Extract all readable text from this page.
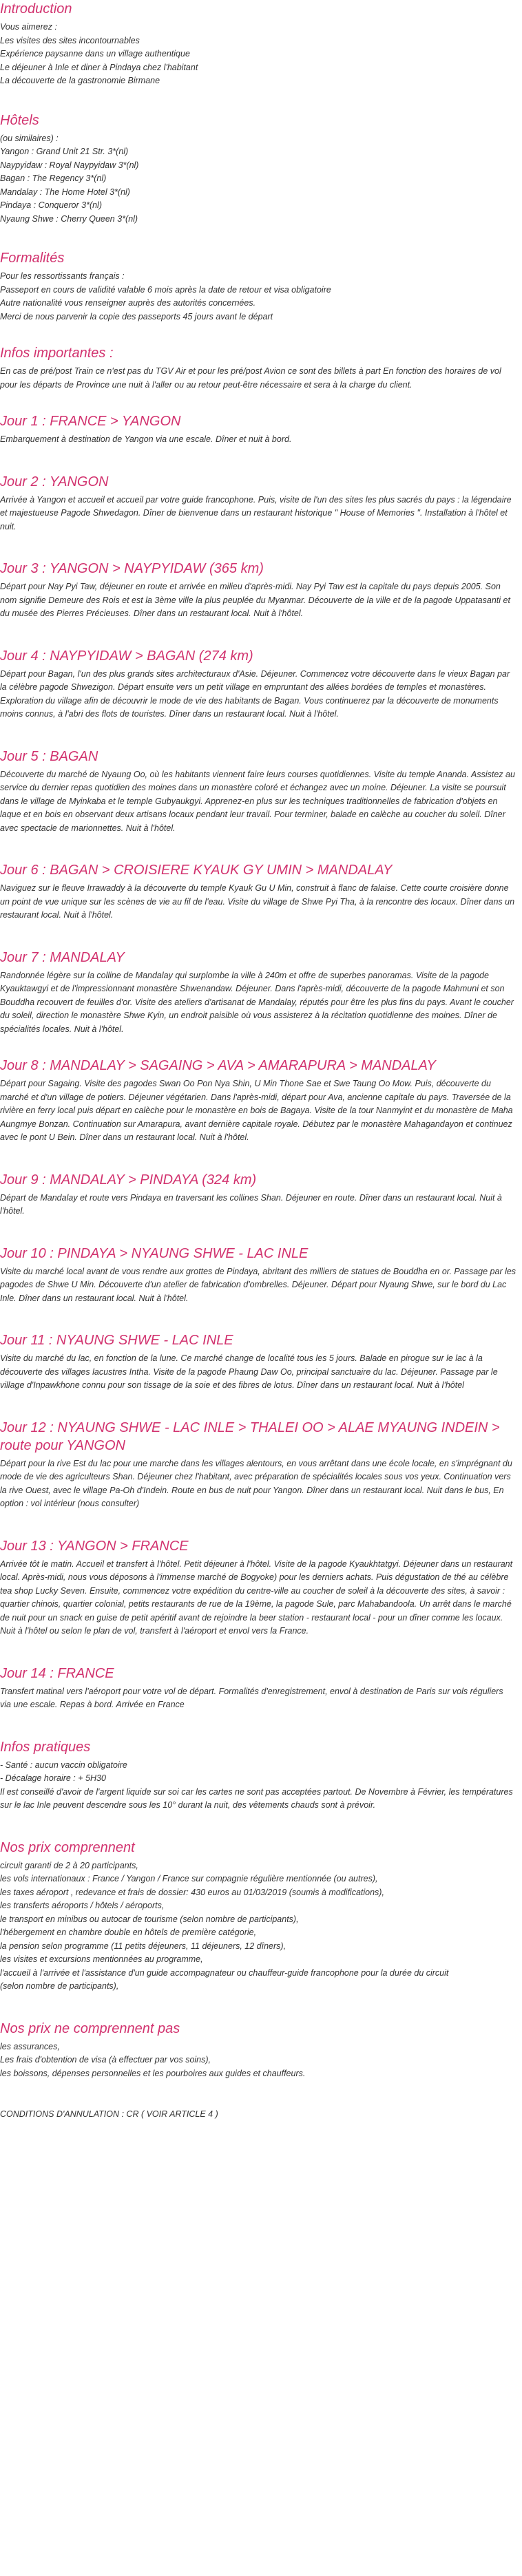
Introduction
Vous aimerez :
Les visites des sites incontournables
Expérience paysanne dans un village authentique
Le déjeuner à Inle et diner à Pindaya chez l'habitant
La découverte de la gastronomie Birmane
Hôtels
(ou similaires) :
Yangon : Grand Unit 21 Str. 3*(nl)
Naypyidaw : Royal Naypyidaw 3*(nl)
Bagan : The Regency 3*(nl)
Mandalay : The Home Hotel 3*(nl)
Pindaya : Conqueror 3*(nl)
Nyaung Shwe : Cherry Queen 3*(nl)
Formalités
Pour les ressortissants français :
Passeport en cours de validité valable 6 mois après la date de retour et visa obligatoire
Autre nationalité vous renseigner auprès des autorités concernées.
Merci de nous parvenir la copie des passeports 45 jours avant le départ
Infos importantes :
En cas de pré/post Train ce n'est pas du TGV Air et pour les pré/post Avion ce sont des billets à part En fonction des horaires de vol pour les départs de Province une nuit à l'aller ou au retour peut-être nécessaire et sera à la charge du client.
Jour 1 : FRANCE > YANGON
Embarquement à destination de Yangon via une escale. Dîner et nuit à bord.
Jour 2 : YANGON
Arrivée à Yangon et accueil et accueil par votre guide francophone. Puis, visite de l'un des sites les plus sacrés du pays : la légendaire et majestueuse Pagode Shwedagon. Dîner de bienvenue dans un restaurant historique " House of Memories ". Installation à l'hôtel et nuit.
Jour 3 : YANGON > NAYPYIDAW (365 km)
Départ pour Nay Pyi Taw, déjeuner en route et arrivée en milieu d'après-midi. Nay Pyi Taw est la capitale du pays depuis 2005. Son nom signifie Demeure des Rois et est la 3ème ville la plus peuplée du Myanmar. Découverte de la ville et de la pagode Uppatasanti et du musée des Pierres Précieuses. Dîner dans un restaurant local. Nuit à l'hôtel.
Jour 4 : NAYPYIDAW > BAGAN (274 km)
Départ pour Bagan, l'un des plus grands sites architecturaux d'Asie. Déjeuner. Commencez votre découverte dans le vieux Bagan par la célèbre pagode Shwezigon. Départ ensuite vers un petit village en empruntant des allées bordées de temples et monastères. Exploration du village afin de découvrir le mode de vie des habitants de Bagan. Vous continuerez par la découverte de monuments moins connus, à l'abri des flots de touristes. Dîner dans un restaurant local. Nuit à l'hôtel.
Jour 5 : BAGAN
Découverte du marché de Nyaung Oo, où les habitants viennent faire leurs courses quotidiennes. Visite du temple Ananda. Assistez au service du dernier repas quotidien des moines dans un monastère coloré et échangez avec un moine. Déjeuner. La visite se poursuit dans le village de Myinkaba et le temple Gubyaukgyi. Apprenez-en plus sur les techniques traditionnelles de fabrication d'objets en laque et en bois en observant deux artisans locaux pendant leur travail. Pour terminer, balade en calèche au coucher du soleil. Dîner avec spectacle de marionnettes. Nuit à l'hôtel.
Jour 6 : BAGAN > CROISIERE KYAUK GY UMIN > MANDALAY
Naviguez sur le fleuve Irrawaddy à la découverte du temple Kyauk Gu U Min, construit à flanc de falaise. Cette courte croisière donne un point de vue unique sur les scènes de vie au fil de l'eau. Visite du village de Shwe Pyi Tha, à la rencontre des locaux. Dîner dans un restaurant local. Nuit à l'hôtel.
Jour 7 : MANDALAY
Randonnée légère sur la colline de Mandalay qui surplombe la ville à 240m et offre de superbes panoramas. Visite de la pagode Kyauktawgyi et de l'impressionnant monastère Shwenandaw. Déjeuner. Dans l'après-midi, découverte de la pagode Mahmuni et son Bouddha recouvert de feuilles d'or. Visite des ateliers d'artisanat de Mandalay, réputés pour être les plus fins du pays. Avant le coucher du soleil, direction le monastère Shwe Kyin, un endroit paisible où vous assisterez à la récitation quotidienne des moines. Dîner de spécialités locales. Nuit à l'hôtel.
Jour 8 : MANDALAY > SAGAING > AVA > AMARAPURA > MANDALAY
Départ pour Sagaing. Visite des pagodes Swan Oo Pon Nya Shin, U Min Thone Sae et Swe Taung Oo Mow. Puis, découverte du marché et d'un village de potiers. Déjeuner végétarien. Dans l'après-midi, départ pour Ava, ancienne capitale du pays. Traversée de la rivière en ferry local puis départ en calèche pour le monastère en bois de Bagaya. Visite de la tour Nanmyint et du monastère de Maha Aungmye Bonzan. Continuation sur Amarapura, avant dernière capitale royale. Débutez par le monastère Mahagandayon et continuez avec le pont U Bein. Dîner dans un restaurant local. Nuit à l'hôtel.
Jour 9 : MANDALAY > PINDAYA (324 km)
Départ de Mandalay et route vers Pindaya en traversant les collines Shan. Déjeuner en route. Dîner dans un restaurant local. Nuit à l'hôtel.
Jour 10 : PINDAYA > NYAUNG SHWE - LAC INLE
Visite du marché local avant de vous rendre aux grottes de Pindaya, abritant des milliers de statues de Bouddha en or. Passage par les pagodes de Shwe U Min. Découverte d'un atelier de fabrication d'ombrelles. Déjeuner. Départ pour Nyaung Shwe, sur le bord du Lac Inle. Dîner dans un restaurant local. Nuit à l'hôtel.
Jour 11 : NYAUNG SHWE - LAC INLE
Visite du marché du lac, en fonction de la lune. Ce marché change de localité tous les 5 jours. Balade en pirogue sur le lac à la découverte des villages lacustres Intha. Visite de la pagode Phaung Daw Oo, principal sanctuaire du lac. Déjeuner. Passage par le village d'Inpawkhone connu pour son tissage de la soie et des fibres de lotus. Dîner dans un restaurant local. Nuit à l'hôtel
Jour 12 : NYAUNG SHWE - LAC INLE > THALEI OO > ALAE MYAUNG INDEIN > route pour YANGON
Départ pour la rive Est du lac pour une marche dans les villages alentours, en vous arrêtant dans une école locale, en s'imprégnant du mode de vie des agriculteurs Shan. Déjeuner chez l'habitant, avec préparation de spécialités locales sous vos yeux. Continuation vers la rive Ouest, avec le village Pa-Oh d'Indein. Route en bus de nuit pour Yangon. Dîner dans un restaurant local. Nuit dans le bus, En option : vol intérieur (nous consulter)
Jour 13 : YANGON > FRANCE
Arrivée tôt le matin. Accueil et transfert à l'hôtel. Petit déjeuner à l'hôtel. Visite de la pagode Kyaukhtatgyi. Déjeuner dans un restaurant local. Après-midi, nous vous déposons à l'immense marché de Bogyoke) pour les derniers achats. Puis dégustation de thé au célèbre tea shop Lucky Seven. Ensuite, commencez votre expédition du centre-ville au coucher de soleil à la découverte des sites, à savoir : quartier chinois, quartier colonial, petits restaurants de rue de la 19ème, la pagode Sule, parc Mahabandoola. Un arrêt dans le marché de nuit pour un snack en guise de petit apéritif avant de rejoindre la beer station - restaurant local - pour un dîner comme les locaux. Nuit à l'hôtel ou selon le plan de vol, transfert à l'aéroport et envol vers la France.
Jour 14 : FRANCE
Transfert matinal vers l'aéroport pour votre vol de départ. Formalités d'enregistrement, envol à destination de Paris sur vols réguliers via une escale. Repas à bord. Arrivée en France
Infos pratiques
- Santé : aucun vaccin obligatoire
- Décalage horaire : + 5H30
Il est conseillé d'avoir de l'argent liquide sur soi car les cartes ne sont pas acceptées partout. De Novembre à Février, les températures sur le lac Inle peuvent descendre sous les 10° durant la nuit, des vêtements chauds sont à prévoir.
Nos prix comprennent
circuit garanti de 2 à 20 participants,
les vols internationaux : France / Yangon / France sur compagnie régulière mentionnée (ou autres),
les taxes aéroport , redevance et frais de dossier: 430 euros au 01/03/2019 (soumis à modifications),
les transferts aéroports / hôtels / aéroports,
le transport en minibus ou autocar de tourisme (selon nombre de participants),
l'hébergement en chambre double en hôtels de première catégorie,
la pension selon programme (11 petits déjeuners, 11 déjeuners, 12 dîners),
les visites et excursions mentionnées au programme,
l'accueil à l'arrivée et l'assistance d'un guide accompagnateur ou chauffeur-guide francophone pour la durée du circuit
(selon nombre de participants),
Nos prix ne comprennent pas
les assurances,
Les frais d'obtention de visa (à effectuer par vos soins),
les boissons, dépenses personnelles et les pourboires aux guides et chauffeurs.
CONDITIONS D'ANNULATION : CR ( VOIR ARTICLE 4 )
